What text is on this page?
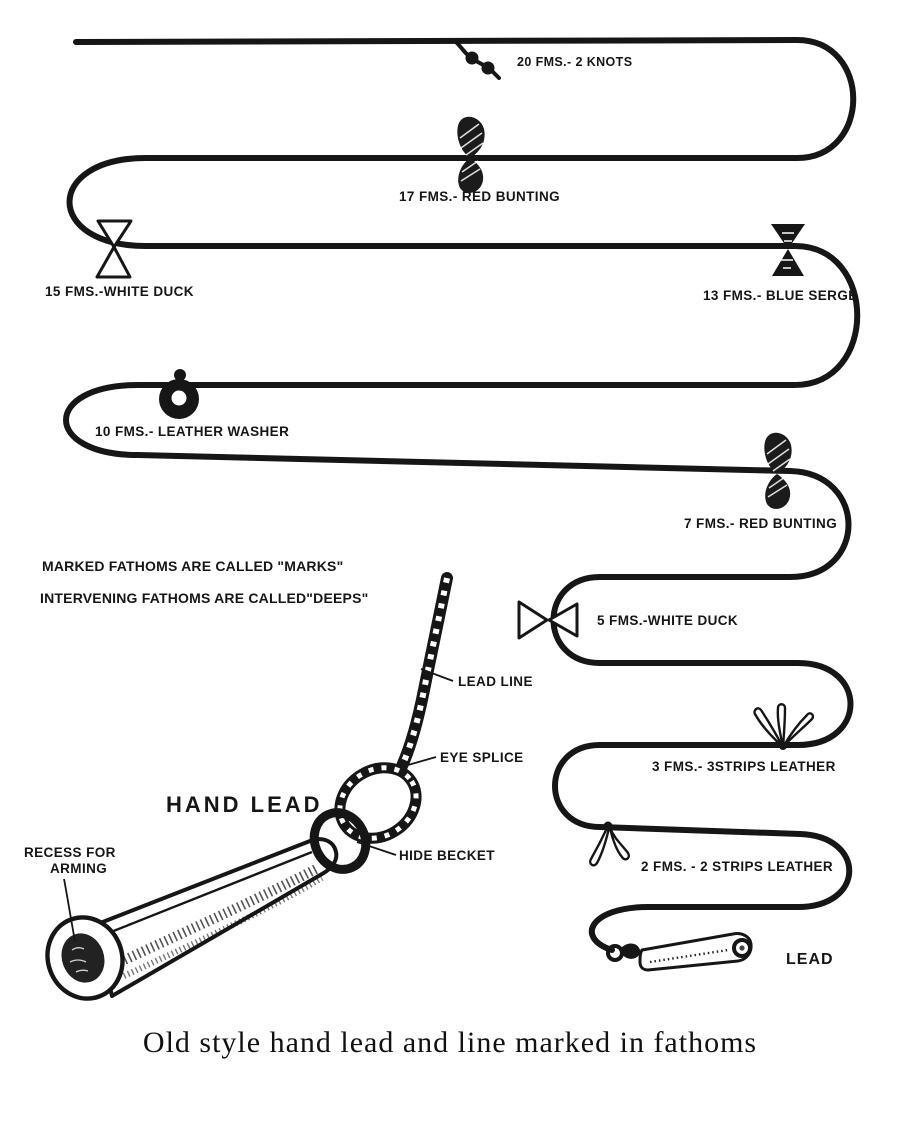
20 FMS.- 2 KNOTS
17 FMS.- RED BUNTING
15 FMS.-WHITE DUCK	13 FMS.- BLUE SERGE
10 FMS.- LEATHER WASHER
7 FMS.- RED BUNTING
5 FMS.-WHITE DUCK
3 FMS.- 3STRIPS LEATHER
2 FMS. - 2 STRIPS LEATHER
LEAD
MARKED FATHOMS ARE CALLED "MARKS"
INTERVENING FATHOMS ARE CALLED"DEEPS"
HAND LEAD
LEAD LINE
EYE SPLICE
HIDE BECKET
RECESS FOR
ARMING
Old style hand lead and line marked in fathoms
